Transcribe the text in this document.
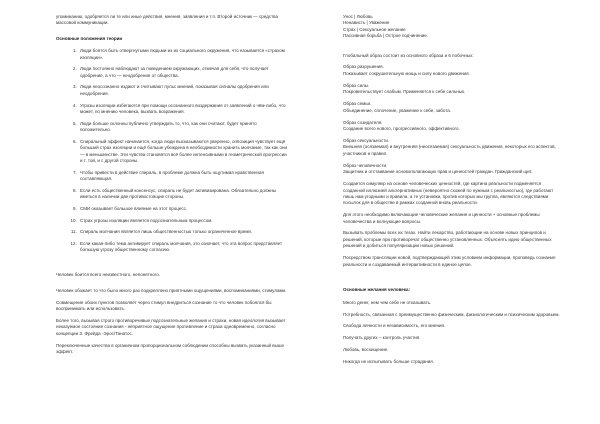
упоминанию, одобряется ли те или иные действия, мнения, заявления и т.п. Второй источник — средства массовой коммуникации.

Основные положения теории

1. Люди боятся быть отвергнутыми людьми из их социального окружения, что называется «страхом изоляции».
2. Люди постоянно наблюдают за поведением окружающих, отмечая для себя, что получает одобрение, а что — неодобрение от общества.
3. Люди неосознанно издают и считывают пульс мнений, показывая сигналы одобрения или неодобрения.
4. Угрозы изоляции избегаются при помощи осознанного воздержания от заявлений о чём-либо, что может, по мнению человека, вызвать возражения.
5. Люди больше склонны публично утверждать то, что, как они считают, будет принято положительно.
6. Спиральный эффект начинается, когда люди высказываются уверенно, оппозиция чувствует ещё больший страх изоляции и ещё больше убеждена в необходимости хранить молчание, так как они — в меньшинстве. Эти чувства становятся всё более интенсивными в геометрической прогрессии и т. той, и с другой стороны.
7. Чтобы привести в действие спираль, в проблеме должна быть ощутимая нравственная составляющая.
8. Если есть общественный консенсус, спираль не будет активизирована. Обязательно должны иметься в наличии две противостоящие стороны.
9. СМИ оказывает большое влияние на этот процесс.
10. Страх угрозы изоляции является подсознательным процессом.
11. Спираль молчания является лишь общественностью только ограниченное время.
12. Если какая-либо тема активирует спираль молчания, это означает, что эта вопрос представляет большую угрозу общественному согласию.

Человек боится всего неизвестного, непонятного.

Человек обожает то что было много раз подкреплено приятными ощущениями, воспоминаниями, стимулами.

Совмещение обоих пунктов позволяет через стимул внедриться сознание то что человек побоялся бы воспринимать или использовать.

Более того, вызывая строго противоречивые подсознательные желания и страхи, новая идеология вызывает неказуемое состояние сознания - неприятное ощущение противление и страха одновременно, согласно концепции З. Фрейда -Эрос/Танатос.

Переключенные качества в органичном пропорциональном соблюдении способны вызвать указанный выше эффект.

Унос | Любовь

Ненависть | Уважение

Страх | Сексуальное желание

Пассивная борьба | Острое подчинение.

Глобальный образ состоит из основного образа и 6 побочных:

Образ разрушения.

Показывает сокрушительную мощь и силу нового движения.

Образ силы.

Покровительствует слабым. Применяется к себе сильных.

Образ семьи.

Объединение, сплочение, уважение к себе, забота.

Образ созидателя.

Создание всего нового, прогрессивного, эффективного.

Образ сексуальности.

Внешняя (осязаемая) и внутренняя (неосязаемая) сексуальность движения, некоторых его аспектов, участников и правил.

Образ человечности.

Защитник и отстаивание основополагающих прав и ценностей граждан. Гражданский щит.

Создается симулякр на основе человеческих ценностей, где картина реальности подменяется созданной иллюзией альтернативных (невероятно схожей по нужным с реальностью), где работают лишь нам угодными и правила, а те установки, против которых мы группа, являются следствиями посылок для в обществе в рамках созданной вновь реальности.

Для этого необходимо включающие человеческие желания и ценности + основные проблемы человечества и волнующие вопросы.

Вызывать проблемы всех их тезах. Найти лекарство, работающие на основе новых принципов и решений, которые при противоречат общественно установленных. Объяснять идею общественных решений и добиться популяризации новых решений.

Посредством трансляции новой, подтверждающей этим условием информации, проповедь сознание реальности и создаваемый интерактивности в единое целое.

Основные желания человека:

Много денег, нем чем себе не отказывать.

Потребность, связанная с преимущественно физическим, физиологическим и психическим здоровьем.

Свобода личности и независимость, его мнения.

Получать других – контроль участия.

Любовь, восхищение.

Никогда не испытывать больше страдания.
